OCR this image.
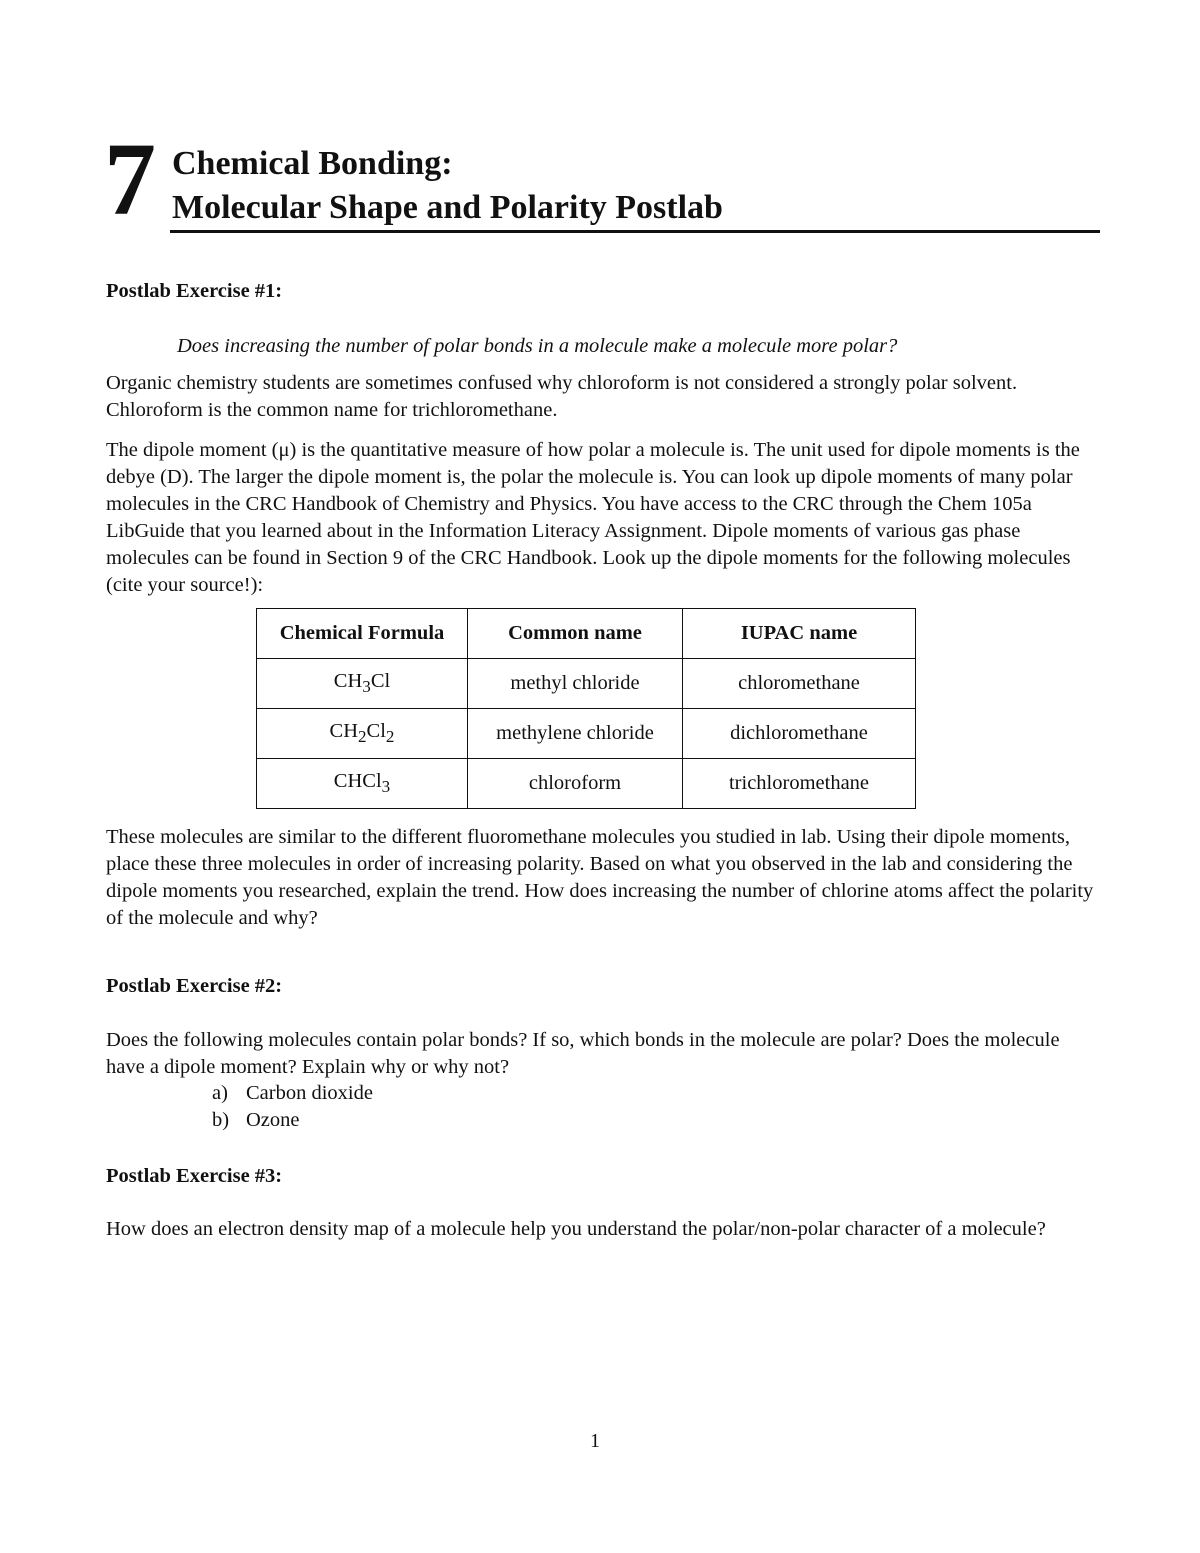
7 Chemical Bonding:
Molecular Shape and Polarity Postlab
Postlab Exercise #1:
Does increasing the number of polar bonds in a molecule make a molecule more polar?
Organic chemistry students are sometimes confused why chloroform is not considered a strongly polar solvent. Chloroform is the common name for trichloromethane.
The dipole moment (μ) is the quantitative measure of how polar a molecule is. The unit used for dipole moments is the debye (D). The larger the dipole moment is, the polar the molecule is. You can look up dipole moments of many polar molecules in the CRC Handbook of Chemistry and Physics. You have access to the CRC through the Chem 105a LibGuide that you learned about in the Information Literacy Assignment. Dipole moments of various gas phase molecules can be found in Section 9 of the CRC Handbook. Look up the dipole moments for the following molecules (cite your source!):
Chemical Formula	Common name	IUPAC name
$CH_3Cl$	methyl chloride	chloromethane
$CH_2Cl_2$	methylene chloride	dichloromethane
CHCl$_3$	chloroform	trichloromethane
These molecules are similar to the different fluoromethane molecules you studied in lab. Using their dipole moments, place these three molecules in order of increasing polarity. Based on what you observed in the lab and considering the dipole moments you researched, explain the trend. How does increasing the number of chlorine atoms affect the polarity of the molecule and why?
Postlab Exercise #2:
Does the following molecules contain polar bonds? If so, which bonds in the molecule are polar? Does the molecule have a dipole moment? Explain why or why not?
a) Carbon dioxide
b) Ozone
Postlab Exercise #3:
How does an electron density map of a molecule help you understand the polar/non-polar character of a molecule?
1
